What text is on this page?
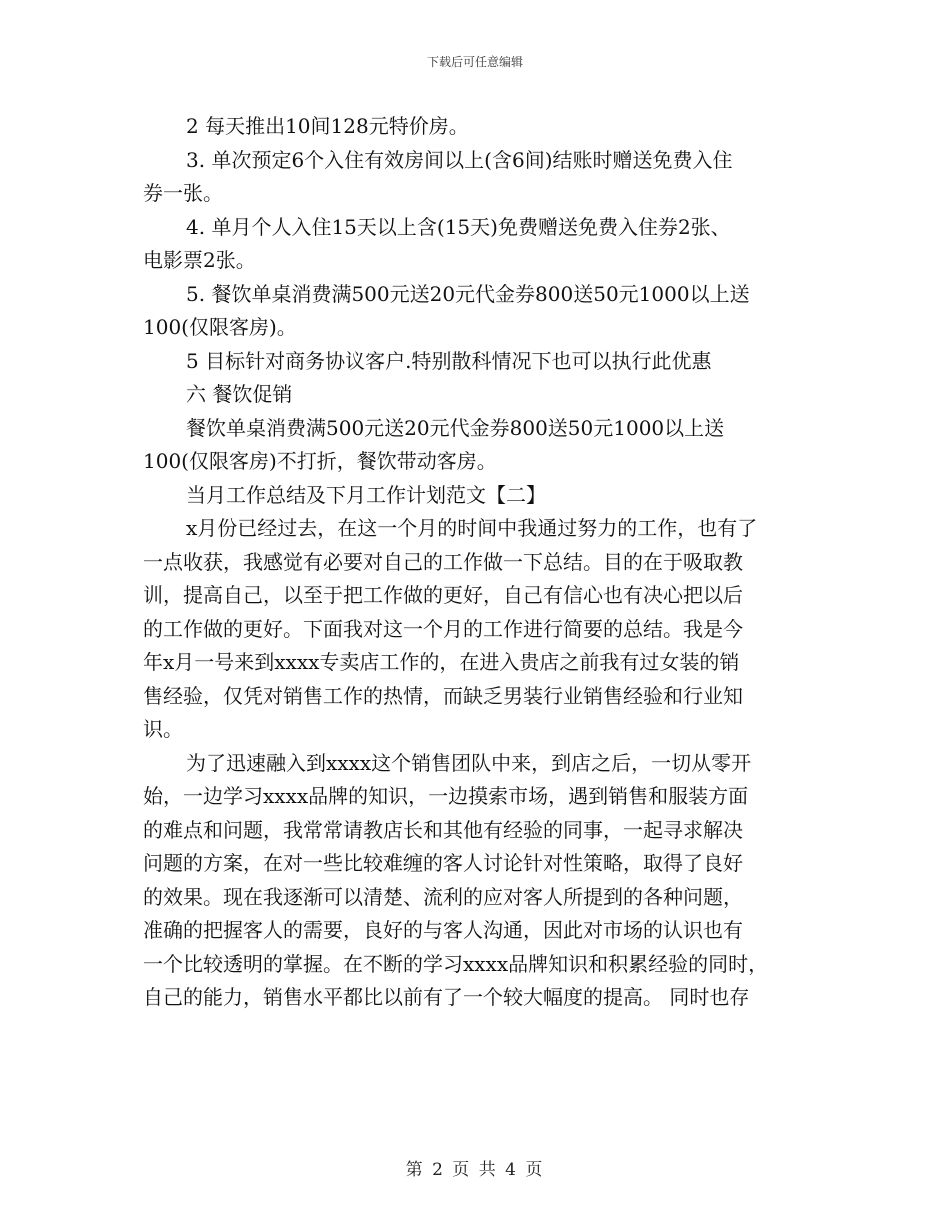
下载后可任意编辑
2 每天推出10间128元特价房。
3. 单次预定6个入住有效房间以上(含6间)结账时赠送免费入住
券一张。
4. 单月个人入住15天以上含(15天)免费赠送免费入住券2张、
电影票2张。
5. 餐饮单桌消费满500元送20元代金券800送50元1000以上送
100(仅限客房)。
5 目标针对商务协议客户.特别散科情况下也可以执行此优惠
六 餐饮促销
餐饮单桌消费满500元送20元代金券800送50元1000以上送
100(仅限客房)不打折，餐饮带动客房。
当月工作总结及下月工作计划范文【二】
x月份已经过去，在这一个月的时间中我通过努力的工作，也有了
一点收获，我感觉有必要对自己的工作做一下总结。目的在于吸取教
训，提高自己，以至于把工作做的更好，自己有信心也有决心把以后
的工作做的更好。下面我对这一个月的工作进行简要的总结。我是今
年x月一号来到xxxx专卖店工作的，在进入贵店之前我有过女装的销
售经验，仅凭对销售工作的热情，而缺乏男装行业销售经验和行业知
识。
为了迅速融入到xxxx这个销售团队中来，到店之后，一切从零开
始，一边学习xxxx品牌的知识，一边摸索市场，遇到销售和服装方面
的难点和问题，我常常请教店长和其他有经验的同事，一起寻求解决
问题的方案，在对一些比较难缠的客人讨论针对性策略，取得了良好
的效果。现在我逐渐可以清楚、流利的应对客人所提到的各种问题，
准确的把握客人的需要，良好的与客人沟通，因此对市场的认识也有
一个比较透明的掌握。在不断的学习xxxx品牌知识和积累经验的同时，
自己的能力，销售水平都比以前有了一个较大幅度的提高。 同时也存
第 2 页 共 4 页
